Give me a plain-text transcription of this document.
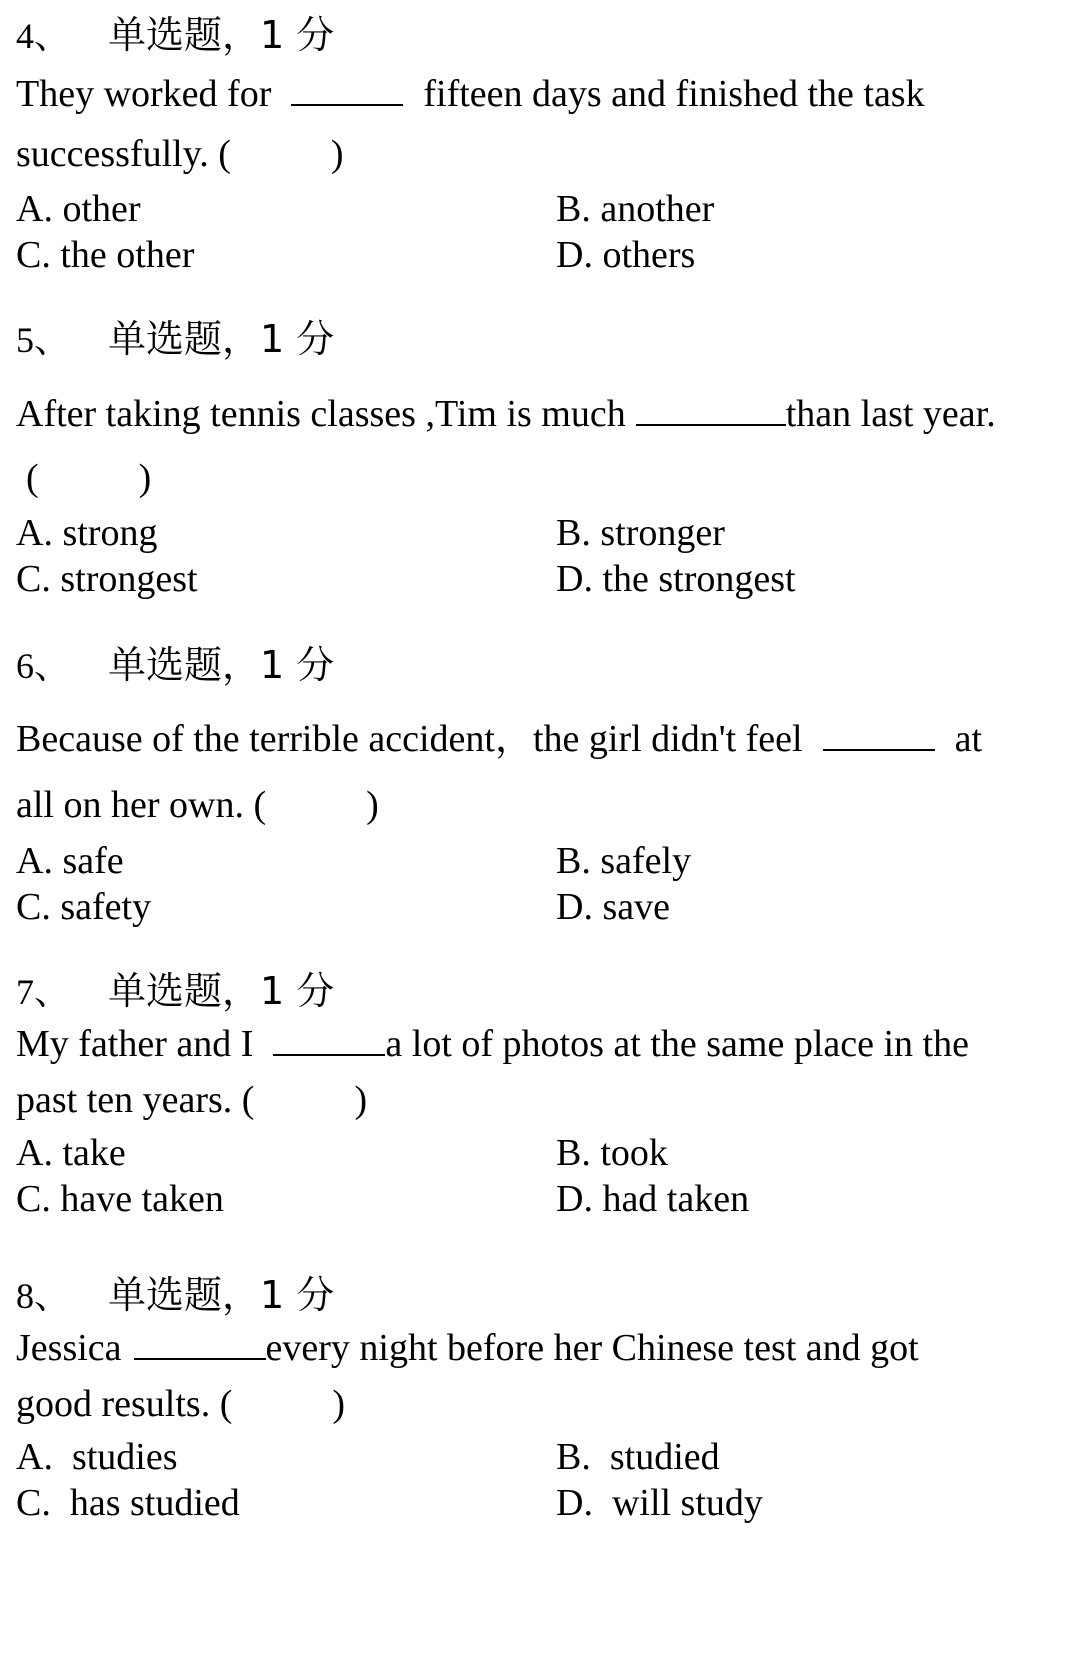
4、 单选题，1 分
They worked for	fifteen days and finished the task
successfully. (	)
A. other	B. another
C. the other	D. others
5、 单选题，1 分
After taking tennis classes ,Tim is much	than last year.
(	)
A. strong	B. stronger
C. strongest	D. the strongest
6、 单选题，1 分
Because of the terrible accident，the girl didn't feel	at
all on her own. (	)
A. safe	B. safely
C. safety	D. save
7、 单选题，1 分
My father and I	a lot of photos at the same place in the
past ten years. (	)
A. take	B. took
C. have taken	D. had taken
8、 单选题，1 分
Jessica	every night before her Chinese test and got
good results. (	)
A.  studies	B.  studied
C.  has studied	D.  will study
